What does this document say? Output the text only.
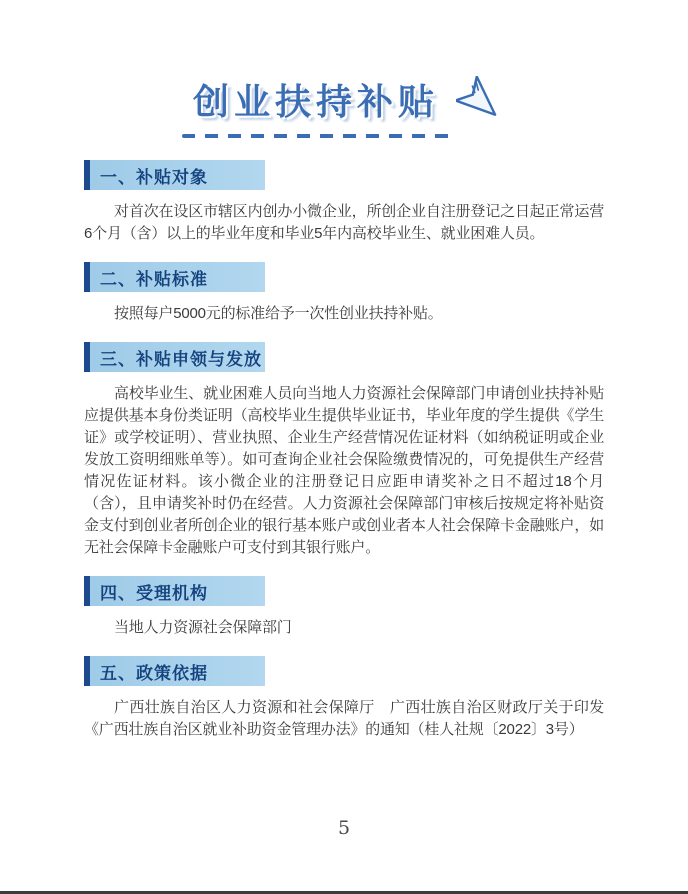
创业扶持补贴
一、补贴对象

对首次在设区市辖区内创办小微企业，所创企业自注册登记之日起正常运营6个月（含）以上的毕业年度和毕业5年内高校毕业生、就业困难人员。

二、补贴标准

按照每户5000元的标准给予一次性创业扶持补贴。

三、补贴申领与发放

高校毕业生、就业困难人员向当地人力资源社会保障部门申请创业扶持补贴应提供基本身份类证明（高校毕业生提供毕业证书，毕业年度的学生提供《学生证》或学校证明）、营业执照、企业生产经营情况佐证材料（如纳税证明或企业发放工资明细账单等）。如可查询企业社会保险缴费情况的，可免提供生产经营情况佐证材料。该小微企业的注册登记日应距申请奖补之日不超过18个月（含），且申请奖补时仍在经营。人力资源社会保障部门审核后按规定将补贴资金支付到创业者所创企业的银行基本账户或创业者本人社会保障卡金融账户，如无社会保障卡金融账户可支付到其银行账户。

四、受理机构

当地人力资源社会保障部门

五、政策依据

广西壮族自治区人力资源和社会保障厅　广西壮族自治区财政厅关于印发《广西壮族自治区就业补助资金管理办法》的通知（桂人社规〔2022〕3号）

5
